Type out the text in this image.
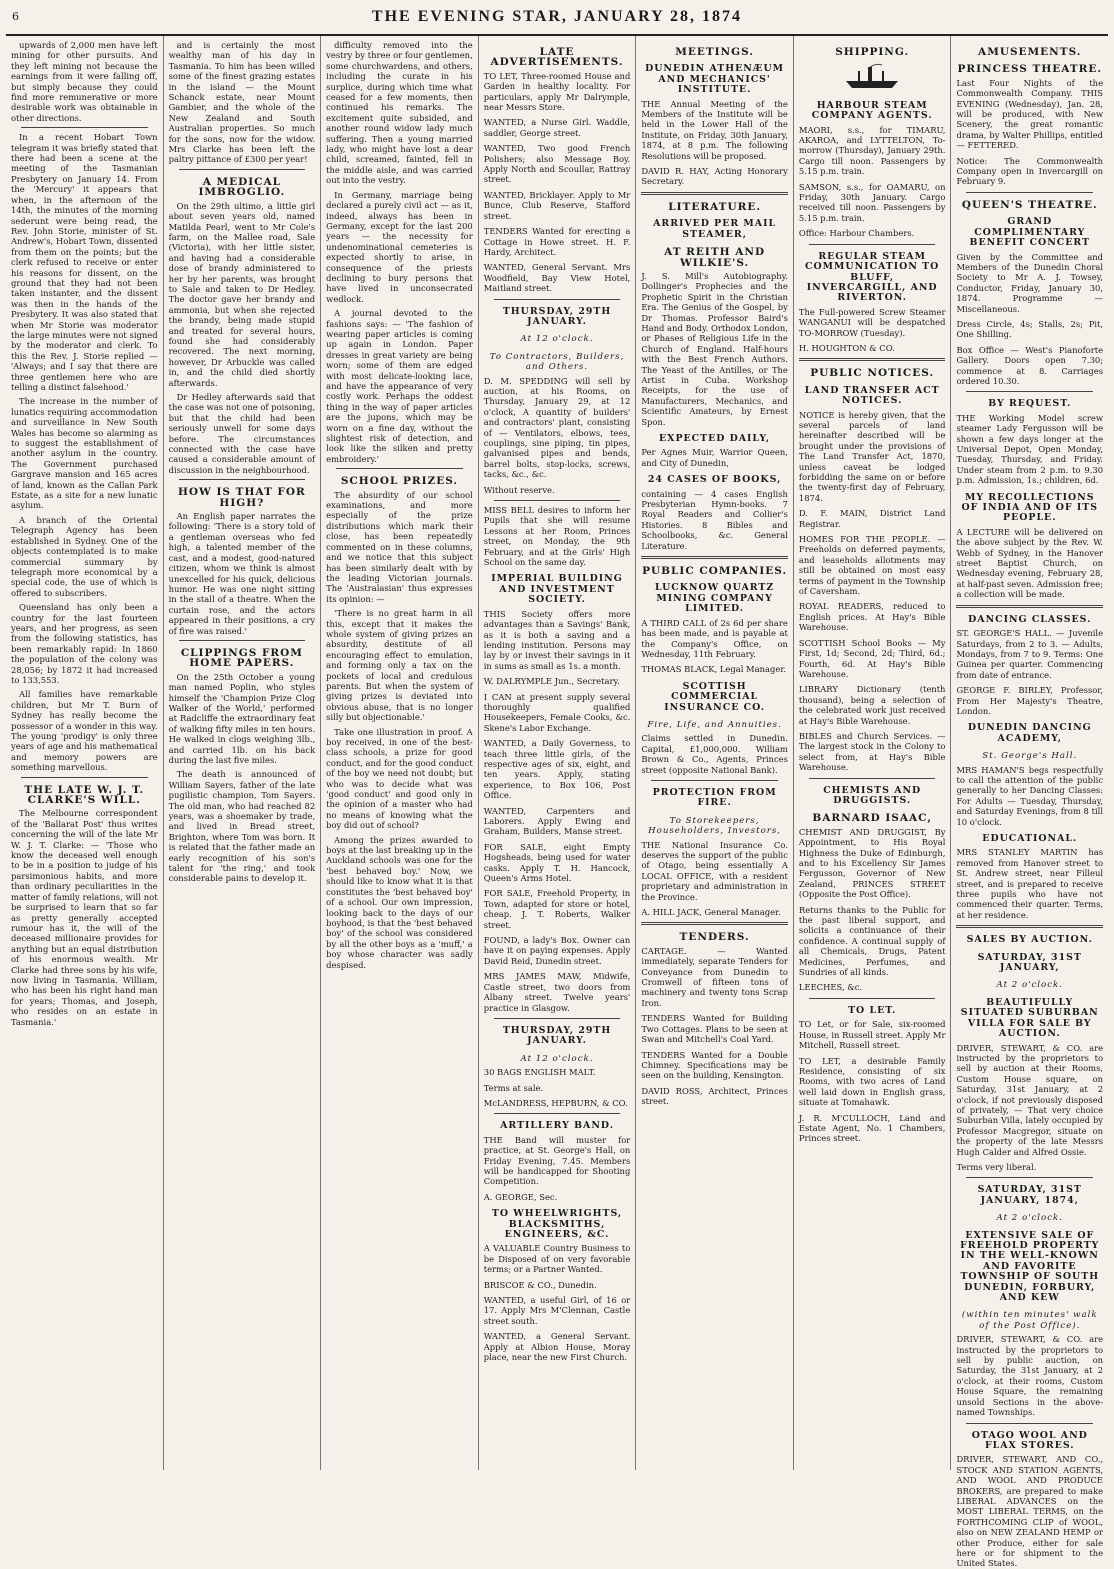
6	THE EVENING STAR, JANUARY 28, 1874

upwards of 2,000 men have left mining for other pursuits. And they left mining not because the earnings from it were falling off, but simply because they could find more remunerative or more desirable work was obtainable in other directions.

In a recent Hobart Town telegram it was briefly stated that there had been a scene at the meeting of the Tasmanian Presbytery on January 14. From the 'Mercury' it appears that when, in the afternoon of the 14th, the minutes of the morning sederunt were being read, the Rev. John Storie, minister of St. Andrew's, Hobart Town, dissented from them on the points; but the clerk refused to receive or enter his reasons for dissent, on the ground that they had not been taken instanter, and the dissent was then in the hands of the Presbytery. It was also stated that when Mr Storie was moderator the large minutes were not signed by the moderator and clerk. To this the Rev. J. Storie replied — 'Always; and I say that there are three gentlemen here who are telling a distinct falsehood.'

The increase in the number of lunatics requiring accommodation and surveillance in New South Wales has become so alarming as to suggest the establishment of another asylum in the country. The Government purchased Gargrave mansion and 165 acres of land, known as the Callan Park Estate, as a site for a new lunatic asylum.

A branch of the Oriental Telegraph Agency has been established in Sydney. One of the objects contemplated is to make commercial summary by telegraph more economical by a special code, the use of which is offered to subscribers.

Queensland has only been a country for the last fourteen years, and her progress, as seen from the following statistics, has been remarkably rapid: In 1860 the population of the colony was 28,056; by 1872 it had increased to 133,553.

All families have remarkable children, but Mr T. Burn of Sydney has really become the possessor of a wonder in this way. The young 'prodigy' is only three years of age and his mathematical and memory powers are something marvellous.

THE LATE W. J. T. CLARKE'S WILL.

The Melbourne correspondent of the 'Ballarat Post' thus writes concerning the will of the late Mr W. J. T. Clarke: — 'Those who know the deceased well enough to be in a position to judge of his parsimonious habits, and more than ordinary peculiarities in the matter of family relations, will not be surprised to learn that so far as pretty generally accepted rumour has it, the will of the deceased millionaire provides for anything but an equal distribution of his enormous wealth. Mr Clarke had three sons by his wife, now living in Tasmania. William, who has been his right hand man for years; Thomas, and Joseph, who resides on an estate in Tasmania.'

and is certainly the most wealthy man of his day in Tasmania. To him has been willed some of the finest grazing estates in the island — the Mount Schanck estate, near Mount Gambier, and the whole of the New Zealand and South Australian properties. So much for the sons, now for the widow. Mrs Clarke has been left the paltry pittance of £300 per year!

A MEDICAL IMBROGLIO.

On the 29th ultimo, a little girl about seven years old, named Matilda Pearl, went to Mr Cole's farm, on the Mallee road, Sale (Victoria), with her little sister, and having had a considerable dose of brandy administered to her by her parents, was brought to Sale and taken to Dr Hedley. The doctor gave her brandy and ammonia, but when she rejected the brandy, being made stupid and treated for several hours, found she had considerably recovered. The next morning, however, Dr Arbuckle was called in, and the child died shortly afterwards.

Dr Hedley afterwards said that the case was not one of poisoning, but that the child had been seriously unwell for some days before. The circumstances connected with the case have caused a considerable amount of discussion in the neighbourhood.

HOW IS THAT FOR HIGH?

An English paper narrates the following: 'There is a story told of a gentleman overseas who fed high, a talented member of the cast, and a modest, good-natured citizen, whom we think is almost unexcelled for his quick, delicious humor. He was one night sitting in the stall of a theatre. When the curtain rose, and the actors appeared in their positions, a cry of fire was raised.'

CLIPPINGS FROM HOME PAPERS.

On the 25th October a young man named Poplin, who styles himself the 'Champion Prize Clog Walker of the World,' performed at Radcliffe the extraordinary feat of walking fifty miles in ten hours. He walked in clogs weighing 3lb., and carried 1lb. on his back during the last five miles.

The death is announced of William Sayers, father of the late pugilistic champion, Tom Sayers. The old man, who had reached 82 years, was a shoemaker by trade, and lived in Bread street, Brighton, where Tom was born. It is related that the father made an early recognition of his son's talent for 'the ring,' and took considerable pains to develop it.

difficulty removed into the vestry by three or four gentlemen, some churchwardens, and others, including the curate in his surplice, during which time what ceased for a few moments, then continued his remarks. The excitement quite subsided, and another round widow lady much suffering. Then a young married lady, who might have lost a dear child, screamed, fainted, fell in the middle aisle, and was carried out into the vestry.

In Germany, marriage being declared a purely civil act — as it, indeed, always has been in Germany, except for the last 200 years — the necessity for undenominational cemeteries is expected shortly to arise, in consequence of the priests declining to bury persons that have lived in unconsecrated wedlock.

A journal devoted to the fashions says: — 'The fashion of wearing paper articles is coming up again in London. Paper dresses in great variety are being worn; some of them are edged with most delicate-looking lace, and have the appearance of very costly work. Perhaps the oddest thing in the way of paper articles are the jupons, which may be worn on a fine day, without the slightest risk of detection, and look like the silken and pretty embroidery.'

SCHOOL PRIZES.

The absurdity of our school examinations, and more especially of the prize distributions which mark their close, has been repeatedly commented on in these columns, and we notice that this subject has been similarly dealt with by the leading Victorian journals. The 'Australasian' thus expresses its opinion: —

'There is no great harm in all this, except that it makes the whole system of giving prizes an absurdity, destitute of all encouraging effect to emulation, and forming only a tax on the pockets of local and credulous parents. But when the system of giving prizes is deviated into obvious abuse, that is no longer silly but objectionable.'

Take one illustration in proof. A boy received, in one of the best-class schools, a prize for good conduct, and for the good conduct of the boy we need not doubt; but who was to decide what was 'good conduct' and good only in the opinion of a master who had no means of knowing what the boy did out of school?

Among the prizes awarded to boys at the last breaking up in the Auckland schools was one for the 'best behaved boy.' Now, we should like to know what it is that constitutes the 'best behaved boy' of a school. Our own impression, looking back to the days of our boyhood, is that the 'best behaved boy' of the school was considered by all the other boys as a 'muff,' a boy whose character was sadly despised.

LATE ADVERTISEMENTS.
TO LET, Three-roomed House and Garden in healthy locality. For particulars, apply Mr Dalrymple, near Messrs Store.
WANTED, a Nurse Girl. Waddle, saddler, George street.
WANTED, Two good French Polishers; also Message Boy. Apply North and Scoullar, Rattray street.
WANTED, Bricklayer. Apply to Mr Bunce, Club Reserve, Stafford street.
TENDERS Wanted for erecting a Cottage in Howe street. H. F. Hardy, Architect.
WANTED, General Servant. Mrs Woodfield, Bay View Hotel, Maitland street.
THURSDAY, 29TH JANUARY.
At 12 o'clock.
To Contractors, Builders, and Others.
D. M. SPEDDING will sell by auction, at his Rooms, on Thursday, January 29, at 12 o'clock, A quantity of builders' and contractors' plant, consisting of — Ventilators, elbows, tees, couplings, sine piping, tin pipes, galvanised pipes and bends, barrel bolts, stop-locks, screws, tacks, &c., &c.
Without reserve.
MISS BELL desires to inform her Pupils that she will resume Lessons at her Room, Princes street, on Monday, the 9th February, and at the Girls' High School on the same day.
IMPERIAL BUILDING AND INVESTMENT SOCIETY.
THIS Society offers more advantages than a Savings' Bank, as it is both a saving and a lending institution. Persons may lay by or invest their savings in it in sums as small as 1s. a month.
W. DALRYMPLE Jun., Secretary.
I CAN at present supply several thoroughly qualified Housekeepers, Female Cooks, &c. Skene's Labor Exchange.
WANTED, a Daily Governess, to teach three little girls, of the respective ages of six, eight, and ten years. Apply, stating experience, to Box 106, Post Office.
WANTED, Carpenters and Laborers. Apply Ewing and Graham, Builders, Manse street.
FOR SALE, eight Empty Hogsheads, being used for water casks. Apply T. H. Hancock, Queen's Arms Hotel.
FOR SALE, Freehold Property, in Town, adapted for store or hotel, cheap. J. T. Roberts, Walker street.
FOUND, a lady's Box. Owner can have it on paying expenses. Apply David Reid, Dunedin street.
MRS JAMES MAW, Midwife, Castle street, two doors from Albany street. Twelve years' practice in Glasgow.
THURSDAY, 29TH JANUARY.
At 12 o'clock.
30 BAGS ENGLISH MALT.
Terms at sale.
McLANDRESS, HEPBURN, & CO.
ARTILLERY BAND.
THE Band will muster for practice, at St. George's Hall, on Friday Evening, 7.45. Members will be handicapped for Shooting Competition.
A. GEORGE, Sec.
TO WHEELWRIGHTS, BLACKSMITHS, ENGINEERS, &C.
A VALUABLE Country Business to be Disposed of on very favorable terms; or a Partner Wanted.
BRISCOE & CO., Dunedin.
WANTED, a useful Girl, of 16 or 17. Apply Mrs M'Clennan, Castle street south.
WANTED, a General Servant. Apply at Albion House, Moray place, near the new First Church.
MEETINGS.
DUNEDIN ATHENÆUM AND MECHANICS' INSTITUTE.
THE Annual Meeting of the Members of the Institute will be held in the Lower Hall of the Institute, on Friday, 30th January, 1874, at 8 p.m. The following Resolutions will be proposed.
DAVID R. HAY, Acting Honorary Secretary.
LITERATURE.
ARRIVED PER MAIL STEAMER,
AT REITH AND WILKIE'S.
J. S. Mill's Autobiography. Dollinger's Prophecies and the Prophetic Spirit in the Christian Era. The Genius of the Gospel, by Dr Thomas. Professor Baird's Hand and Body. Orthodox London, or Phases of Religious Life in the Church of England. Half-hours with the Best French Authors. The Yeast of the Antilles, or The Artist in Cuba. Workshop Receipts, for the use of Manufacturers, Mechanics, and Scientific Amateurs, by Ernest Spon.
EXPECTED DAILY,
Per Agnes Muir, Warrior Queen, and City of Dunedin,
24 CASES OF BOOKS,
containing — 4 cases English Presbyterian Hymn-books. 7 Royal Readers and Collier's Histories. 8 Bibles and Schoolbooks, &c. General Literature.
PUBLIC COMPANIES.
LUCKNOW QUARTZ MINING COMPANY LIMITED.
A THIRD CALL of 2s 6d per share has been made, and is payable at the Company's Office, on Wednesday, 11th February.
THOMAS BLACK, Legal Manager.
SCOTTISH COMMERCIAL INSURANCE CO.
Fire, Life, and Annuities.
Claims settled in Dunedin. Capital, £1,000,000. William Brown & Co., Agents, Princes street (opposite National Bank).
PROTECTION FROM FIRE.
To Storekeepers, Householders, Investors,
THE National Insurance Co. deserves the support of the public of Otago, being essentially A LOCAL OFFICE, with a resident proprietary and administration in the Province.
A. HILL JACK, General Manager.
TENDERS.
CARTAGE. — Wanted immediately, separate Tenders for Conveyance from Dunedin to Cromwell of fifteen tons of machinery and twenty tons Scrap Iron.
TENDERS Wanted for Building Two Cottages. Plans to be seen at Swan and Mitchell's Coal Yard.
TENDERS Wanted for a Double Chimney. Specifications may be seen on the building, Kensington.
DAVID ROSS, Architect, Princes street.
SHIPPING.
HARBOUR STEAM COMPANY AGENTS.
MAORI, s.s., for TIMARU, AKAROA, and LYTTELTON, To-morrow (Thursday), January 29th. Cargo till noon. Passengers by 5.15 p.m. train.
SAMSON, s.s., for OAMARU, on Friday, 30th January. Cargo received till noon. Passengers by 5.15 p.m. train.
Office: Harbour Chambers.
REGULAR STEAM COMMUNICATION TO BLUFF, INVERCARGILL, AND RIVERTON.
The Full-powered Screw Steamer WANGANUI will be despatched TO-MORROW (Tuesday).
H. HOUGHTON & CO.
PUBLIC NOTICES.
LAND TRANSFER ACT NOTICES.
NOTICE is hereby given, that the several parcels of land hereinafter described will be brought under the provisions of The Land Transfer Act, 1870, unless caveat be lodged forbidding the same on or before the twenty-first day of February, 1874.
D. F. MAIN, District Land Registrar.
HOMES FOR THE PEOPLE. — Freeholds on deferred payments, and leaseholds allotments may still be obtained on most easy terms of payment in the Township of Caversham.
ROYAL READERS, reduced to English prices. At Hay's Bible Warehouse.
SCOTTISH School Books — My First, 1d; Second, 2d; Third, 6d.; Fourth, 6d. At Hay's Bible Warehouse.
LIBRARY Dictionary (tenth thousand), being a selection of the celebrated work just received at Hay's Bible Warehouse.
BIBLES and Church Services. — The largest stock in the Colony to select from, at Hay's Bible Warehouse.
CHEMISTS AND DRUGGISTS.
BARNARD ISAAC,
CHEMIST AND DRUGGIST, By Appointment, to His Royal Highness the Duke of Edinburgh, and to his Excellency Sir James Fergusson, Governor of New Zealand, PRINCES STREET (Opposite the Post Office).
Returns thanks to the Public for the past liberal support, and solicits a continuance of their confidence. A continual supply of all Chemicals, Drugs, Patent Medicines, Perfumes, and Sundries of all kinds.
LEECHES, &c.
TO LET.
TO Let, or for Sale, six-roomed House, in Russell street. Apply Mr Mitchell, Russell street.
TO LET, a desirable Family Residence, consisting of six Rooms, with two acres of Land well laid down in English grass, situate at Tomahawk.
J. R. M'CULLOCH, Land and Estate Agent, No. 1 Chambers, Princes street.
AMUSEMENTS.
PRINCESS THEATRE.
Last Four Nights of the Commonwealth Company. THIS EVENING (Wednesday), Jan. 28, will be produced, with New Scenery, the great romantic drama, by Walter Phillips, entitled — FETTERED.
Notice: The Commonwealth Company open in Invercargill on February 9.
QUEEN'S THEATRE.
GRAND COMPLIMENTARY BENEFIT CONCERT
Given by the Committee and Members of the Dunedin Choral Society to Mr A. J. Towsey, Conductor, Friday, January 30, 1874. Programme — Miscellaneous.
Dress Circle, 4s; Stalls, 2s; Pit, One Shilling.
Box Office — West's Pianoforte Gallery. Doors open 7.30; commence at 8. Carriages ordered 10.30.
BY REQUEST.
THE Working Model screw steamer Lady Fergusson will be shown a few days longer at the Universal Depot, Open Monday, Tuesday, Thursday, and Friday. Under steam from 2 p.m. to 9.30 p.m. Admission, 1s.; children, 6d.
MY RECOLLECTIONS OF INDIA AND OF ITS PEOPLE.
A LECTURE will be delivered on the above subject by the Rev. W. Webb of Sydney, in the Hanover street Baptist Church, on Wednesday evening, February 28, at half-past seven. Admission free; a collection will be made.
DANCING CLASSES.
ST. GEORGE'S HALL. — Juvenile Saturdays, from 2 to 3. — Adults, Mondays, from 7 to 9. Terms: One Guinea per quarter. Commencing from date of entrance.
GEORGE F. BIRLEY, Professor, From Her Majesty's Theatre, London.
DUNEDIN DANCING ACADEMY,
St. George's Hall.
MRS HAMAN'S begs respectfully to call the attention of the public generally to her Dancing Classes: For Adults — Tuesday, Thursday, and Saturday Evenings, from 8 till 10 o'clock.
EDUCATIONAL.
MRS STANLEY MARTIN has removed from Hanover street to St. Andrew street, near Filleul street, and is prepared to receive three pupils who have not commenced their quarter. Terms, at her residence.
SALES BY AUCTION.
SATURDAY, 31ST JANUARY,
At 2 o'clock.
BEAUTIFULLY SITUATED SUBURBAN VILLA FOR SALE BY AUCTION.
DRIVER, STEWART, & CO. are instructed by the proprietors to sell by auction at their Rooms, Custom House square, on Saturday, 31st January, at 2 o'clock, if not previously disposed of privately, — That very choice Suburban Villa, lately occupied by Professor Macgregor, situate on the property of the late Messrs Hugh Calder and Alfred Ossie.
Terms very liberal.
SATURDAY, 31ST JANUARY, 1874,
At 2 o'clock.
EXTENSIVE SALE OF FREEHOLD PROPERTY IN THE WELL-KNOWN AND FAVORITE TOWNSHIP OF SOUTH DUNEDIN, FORBURY, AND KEW
(within ten minutes' walk of the Post Office).
DRIVER, STEWART, & CO. are instructed by the proprietors to sell by public auction, on Saturday, the 31st January, at 2 o'clock, at their rooms, Custom House Square, the remaining unsold Sections in the above-named Townships.
OTAGO WOOL AND FLAX STORES.
DRIVER, STEWART, AND CO., STOCK AND STATION AGENTS, AND WOOL AND PRODUCE BROKERS, are prepared to make LIBERAL ADVANCES on the MOST LIBERAL TERMS, on the FORTHCOMING CLIP of WOOL, also on NEW ZEALAND HEMP or other Produce, either for sale here or for shipment to the United States.
